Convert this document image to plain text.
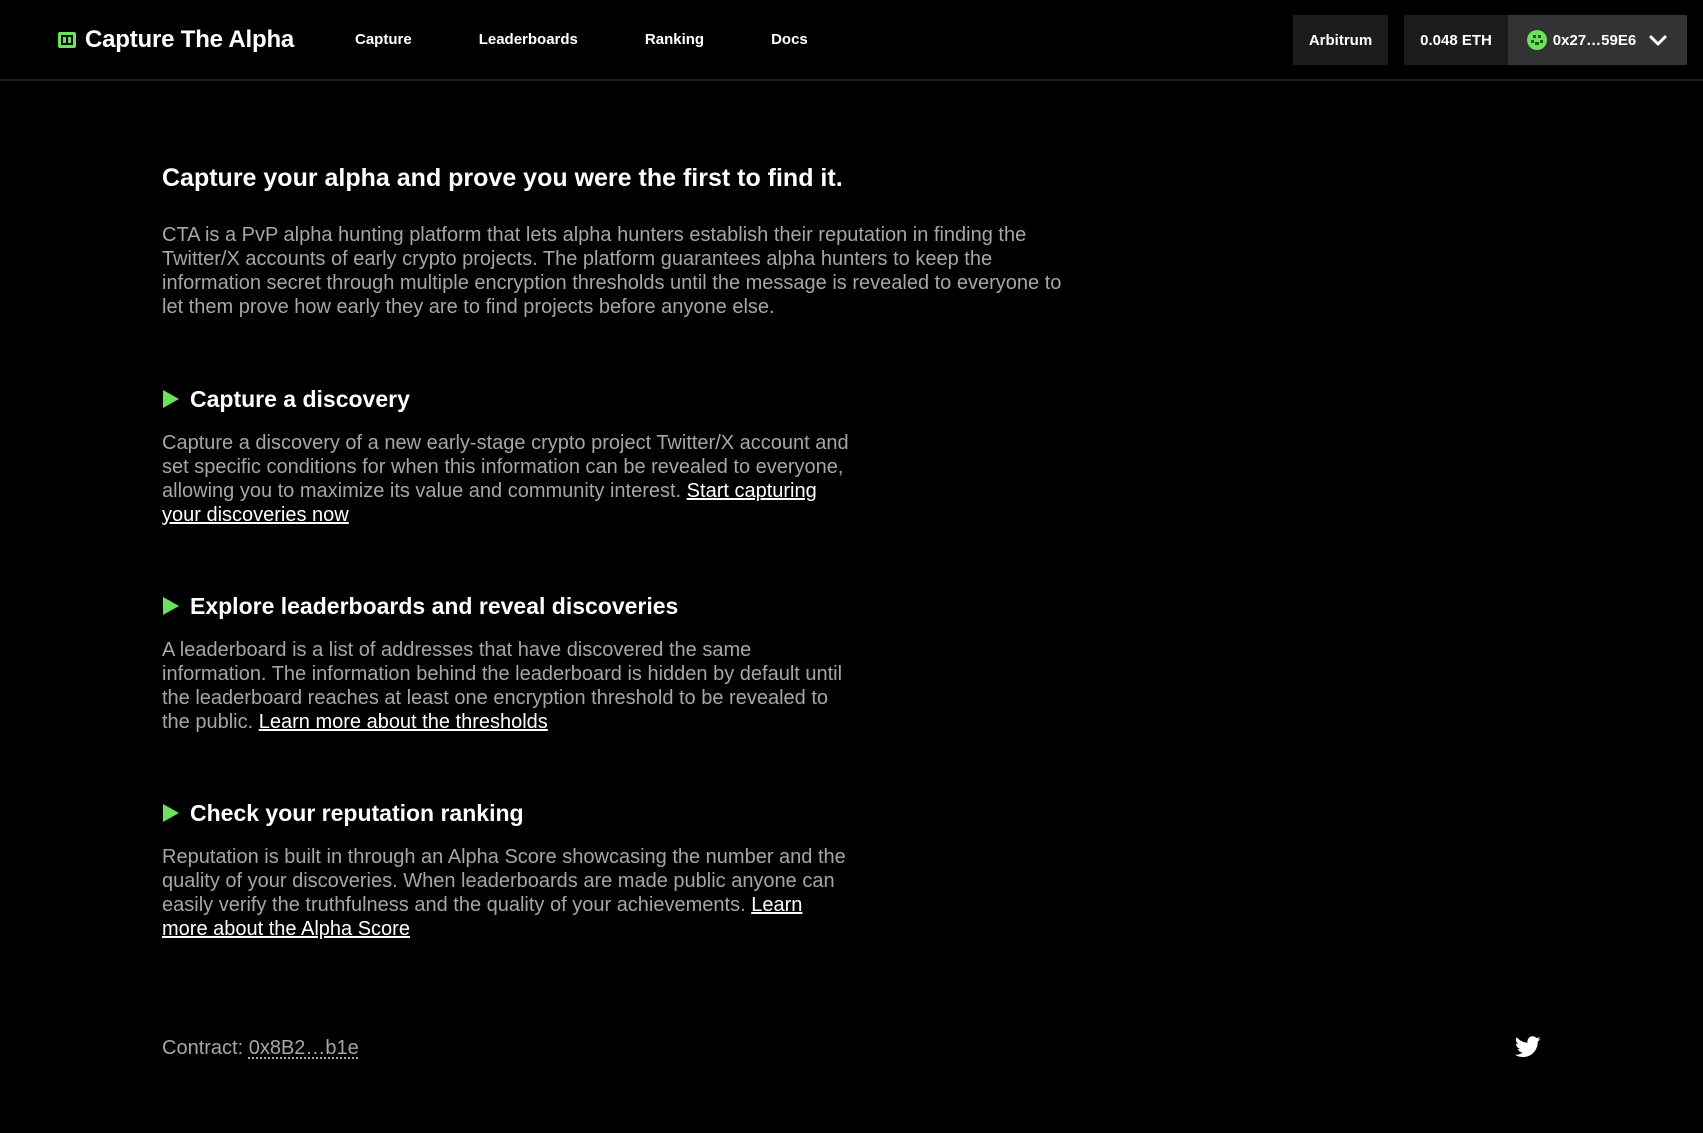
Capture The Alpha	Capture	Leaderboards	Ranking	Docs	Arbitrum	0.048 ETH	0x27…59E6
Capture your alpha and prove you were the first to find it.

CTA is a PvP alpha hunting platform that lets alpha hunters establish their reputation in finding the Twitter/X accounts of early crypto projects. The platform guarantees alpha hunters to keep the information secret through multiple encryption thresholds until the message is revealed to everyone to let them prove how early they are to find projects before anyone else.

Capture a discovery

Capture a discovery of a new early-stage crypto project Twitter/X account and set specific conditions for when this information can be revealed to everyone, allowing you to maximize its value and community interest. Start capturing your discoveries now

Explore leaderboards and reveal discoveries

A leaderboard is a list of addresses that have discovered the same information. The information behind the leaderboard is hidden by default until the leaderboard reaches at least one encryption threshold to be revealed to the public. Learn more about the thresholds

Check your reputation ranking

Reputation is built in through an Alpha Score showcasing the number and the quality of your discoveries. When leaderboards are made public anyone can easily verify the truthfulness and the quality of your achievements. Learn more about the Alpha Score

Contract: 0x8B2…b1e
